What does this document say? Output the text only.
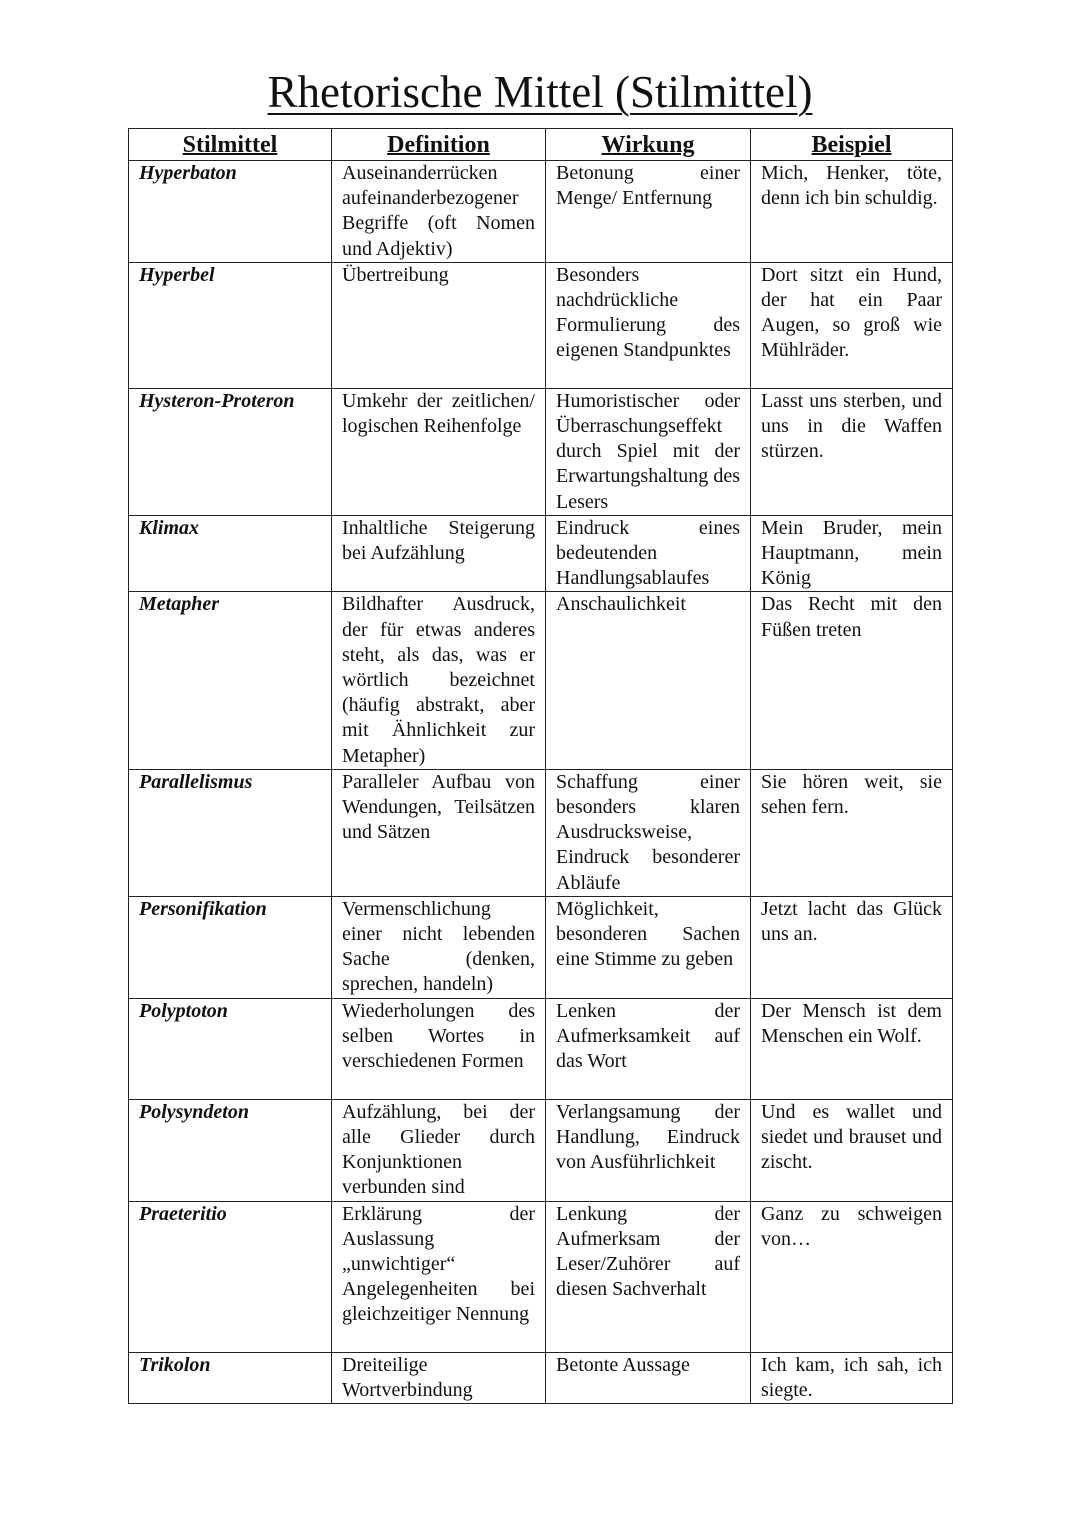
Rhetorische Mittel (Stilmittel)
Stilmittel	Definition	Wirkung	Beispiel
Hyperbaton	Auseinanderrücken aufeinanderbezogener Begriffe (oft Nomen und Adjektiv)	Betonung einer Menge/ Entfernung	Mich, Henker, töte, denn ich bin schuldig.
Hyperbel	Übertreibung	Besonders nachdrückliche Formulierung des eigenen Standpunktes	Dort sitzt ein Hund, der hat ein Paar Augen, so groß wie Mühlräder.
Hysteron-Proteron	Umkehr der zeitlichen/ logischen Reihenfolge	Humoristischer oder Überraschungseffekt durch Spiel mit der Erwartungshaltung des Lesers	Lasst uns sterben, und uns in die Waffen stürzen.
Klimax	Inhaltliche Steigerung bei Aufzählung	Eindruck eines bedeutenden Handlungsablaufes	Mein Bruder, mein Hauptmann, mein König
Metapher	Bildhafter Ausdruck, der für etwas anderes steht, als das, was er wörtlich bezeichnet (häufig abstrakt, aber mit Ähnlichkeit zur Metapher)	Anschaulichkeit	Das Recht mit den Füßen treten
Parallelismus	Paralleler Aufbau von Wendungen, Teilsätzen und Sätzen	Schaffung einer besonders klaren Ausdrucksweise, Eindruck besonderer Abläufe	Sie hören weit, sie sehen fern.
Personifikation	Vermenschlichung einer nicht lebenden Sache (denken, sprechen, handeln)	Möglichkeit, besonderen Sachen eine Stimme zu geben	Jetzt lacht das Glück uns an.
Polyptoton	Wiederholungen des selben Wortes in verschiedenen Formen	Lenken der Aufmerksamkeit auf das Wort	Der Mensch ist dem Menschen ein Wolf.
Polysyndeton	Aufzählung, bei der alle Glieder durch Konjunktionen verbunden sind	Verlangsamung der Handlung, Eindruck von Ausführlichkeit	Und es wallet und siedet und brauset und zischt.
Praeteritio	Erklärung der Auslassung „unwichtiger“ Angelegenheiten bei gleichzeitiger Nennung	Lenkung der Aufmerksam der Leser/Zuhörer auf diesen Sachverhalt	Ganz zu schweigen von…
Trikolon	Dreiteilige Wortverbindung	Betonte Aussage	Ich kam, ich sah, ich siegte.
